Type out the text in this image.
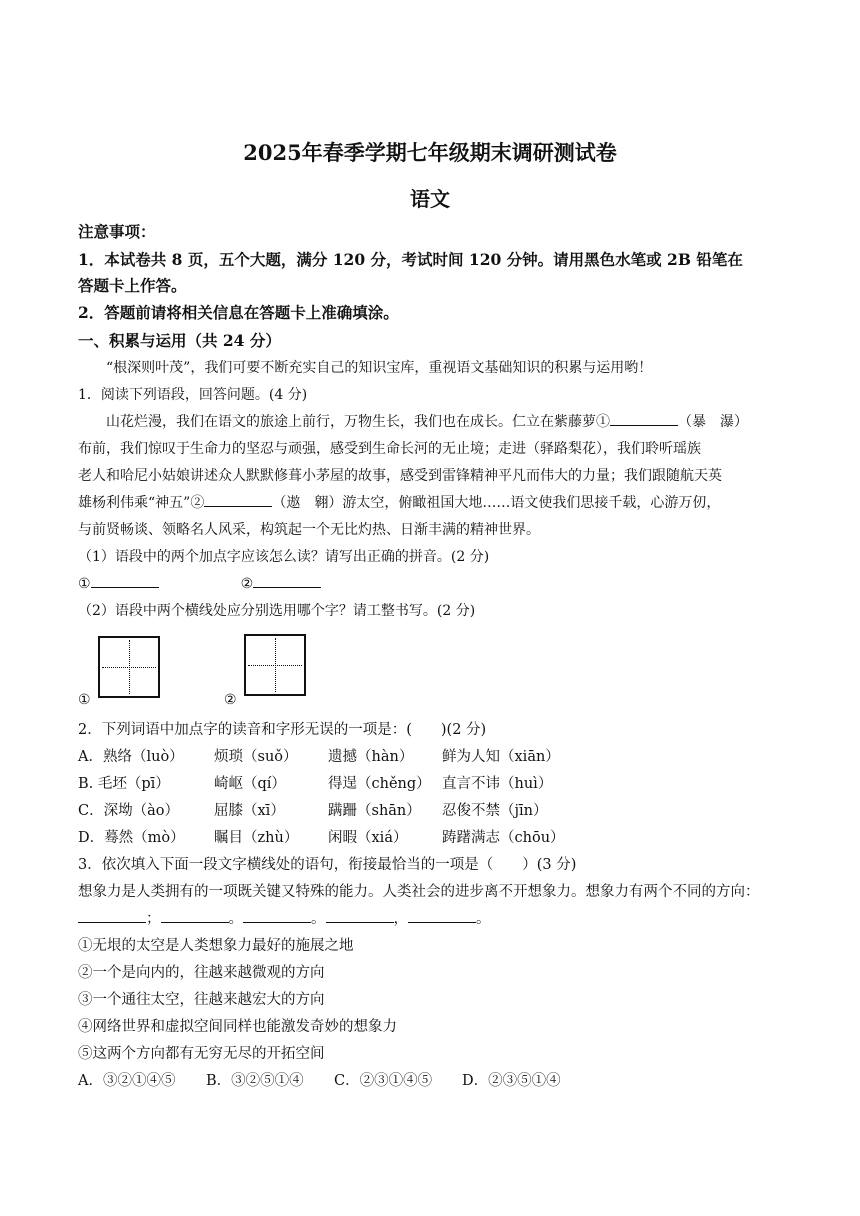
2025年春季学期七年级期末调研测试卷
语文
注意事项：
1．本试卷共 8 页，五个大题，满分 120 分，考试时间 120 分钟。请用黑色水笔或 2B 铅笔在
答题卡上作答。
2．答题前请将相关信息在答题卡上准确填涂。
一、积累与运用（共 24 分）
“根深则叶茂”，我们可要不断充实自己的知识宝库，重视语文基础知识的积累与运用哟！
1．阅读下列语段，回答问题。(4 分)
山花烂漫，我们在语文的旅途上前行，万物生长，我们也在成长。仁立在紫藤萝①	（暴　瀑）
布前，我们惊叹于生命力的坚忍与顽强，感受到生命长河的无止境；走进（驿路梨花），我们聆听瑶族
老人和哈尼小姑娘讲述众人默默修葺小茅屋的故事，感受到雷锋精神平凡而伟大的力量；我们跟随航天英
雄杨利伟乘“神五”②	（遨　翱）游太空，俯瞰祖国大地……语文使我们思接千载，心游万仞，
与前贤畅谈、领略名人风采，构筑起一个无比灼热、日渐丰满的精神世界。
（1）语段中的两个加点字应该怎么读？请写出正确的拼音。(2 分)
①	②
（2）语段中两个横线处应分别选用哪个字？请工整书写。(2 分)
①	②
2．下列词语中加点字的读音和字形无误的一项是：(　　)(2 分)
A．熟络（luò） 烦琐（suǒ） 遗撼（hàn） 鲜为人知（xiān）
B. 毛坯（pī）	崎岖（qí）	得逞（chěng） 直言不讳（huì）
C．深坳（ào） 屈膝（xī）	蹒跚（shān） 忍俊不禁（jīn）
D．蓦然（mò） 瞩目（zhù） 闲暇（xiá） 踌躇满志（chōu）
3．依次填入下面一段文字横线处的语句，衔接最恰当的一项是（　　）(3 分)
想象力是人类拥有的一项既关键又特殊的能力。人类社会的进步离不开想象力。想象力有两个不同的方向：
；	。	。	，	。
①无垠的太空是人类想象力最好的施展之地
②一个是向内的，往越来越微观的方向
③一个通往太空，往越来越宏大的方向
④网络世界和虚拟空间同样也能激发奇妙的想象力
⑤这两个方向都有无穷无尽的开拓空间
A．③②①④⑤ B．③②⑤①④ C．②③①④⑤ D．②③⑤①④
